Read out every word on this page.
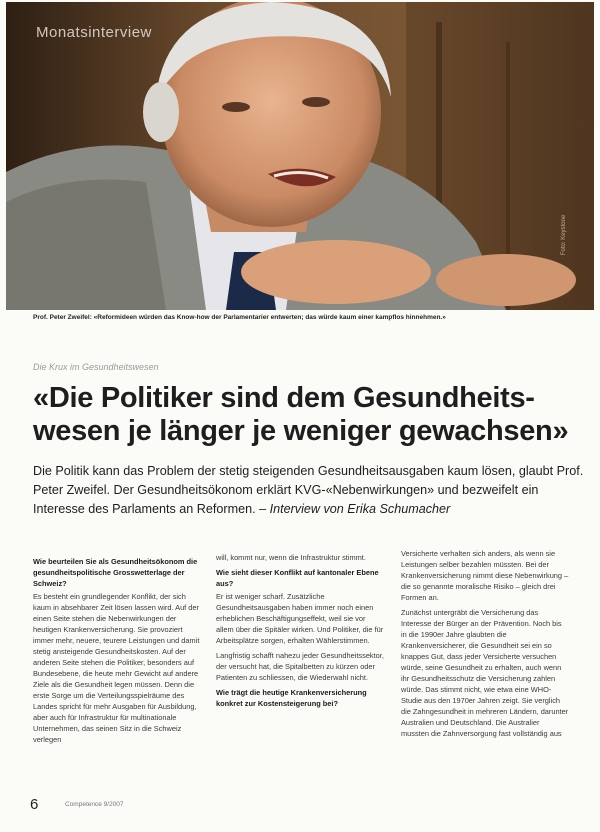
Monatsinterview
Foto: Keystone
Prof. Peter Zweifel: «Reformideen würden das Know-how der Parlamentarier entwerten; das würde kaum einer kampflos hinnehmen.»
Die Krux im Gesundheitswesen
«Die Politiker sind dem Gesundheits-
wesen je länger je weniger gewachsen»
Die Politik kann das Problem der stetig steigenden Gesundheitsausgaben kaum lösen, glaubt Prof. Peter Zweifel. Der Gesundheitsökonom erklärt KVG-«Nebenwirkungen» und bezweifelt ein Interesse des Parlaments an Reformen. – Interview von Erika Schumacher

Wie beurteilen Sie als Gesundheitsökonom die gesundheitspolitische Grosswetterlage der Schweiz?

Es besteht ein grundlegender Konflikt, der sich kaum in absehbarer Zeit lösen lassen wird. Auf der einen Seite stehen die Nebenwirkungen der heutigen Krankenversicherung. Sie provoziert immer mehr, neuere, teurere Leistungen und damit stetig ansteigende Gesundheitskosten. Auf der anderen Seite stehen die Politiker, besonders auf Bundesebene, die heute mehr Gewicht auf andere Ziele als die Gesundheit legen müssen. Denn die erste Sorge um die Verteilungsspielräume des Landes spricht für mehr Ausgaben für Ausbildung, aber auch für Infrastruktur für multinationale Unternehmen, das seinen Sitz in die Schweiz verlegen

will, kommt nur, wenn die Infrastruktur stimmt.

Wie sieht dieser Konflikt auf kantonaler Ebene aus?

Er ist weniger scharf. Zusätzliche Gesundheitsausgaben haben immer noch einen erheblichen Beschäftigungseffekt, weil sie vor allem über die Spitäler wirken. Und Politiker, die für Arbeitsplätze sorgen, erhalten Wählerstimmen.

Langfristig schafft nahezu jeder Gesundheitssektor, der versucht hat, die Spitalbetten zu kürzen oder Patienten zu schliessen, die Wiederwahl nicht.

Wie trägt die heutige Krankenversicherung konkret zur Kostensteigerung bei?

Versicherte verhalten sich anders, als wenn sie Leistungen selber bezahlen müssten. Bei der Krankenversicherung nimmt diese Nebenwirkung – die so genannte moralische Risiko – gleich drei Formen an.

Zunächst untergräbt die Versicherung das Interesse der Bürger an der Prävention. Noch bis in die 1990er Jahre glaubten die Krankenversicherer, die Gesundheit sei ein so knappes Gut, dass jeder Versicherte versuchen würde, seine Gesundheit zu erhalten, auch wenn ihr Gesundheitsschutz die Versicherung zahlen würde. Das stimmt nicht, wie etwa eine WHO-Studie aus den 1970er Jahren zeigt. Sie verglich die Zahngesundheit in mehreren Ländern, darunter Australien und Deutschland. Die Australier mussten die Zahnversorgung fast vollständig aus

6	Competence 9/2007
